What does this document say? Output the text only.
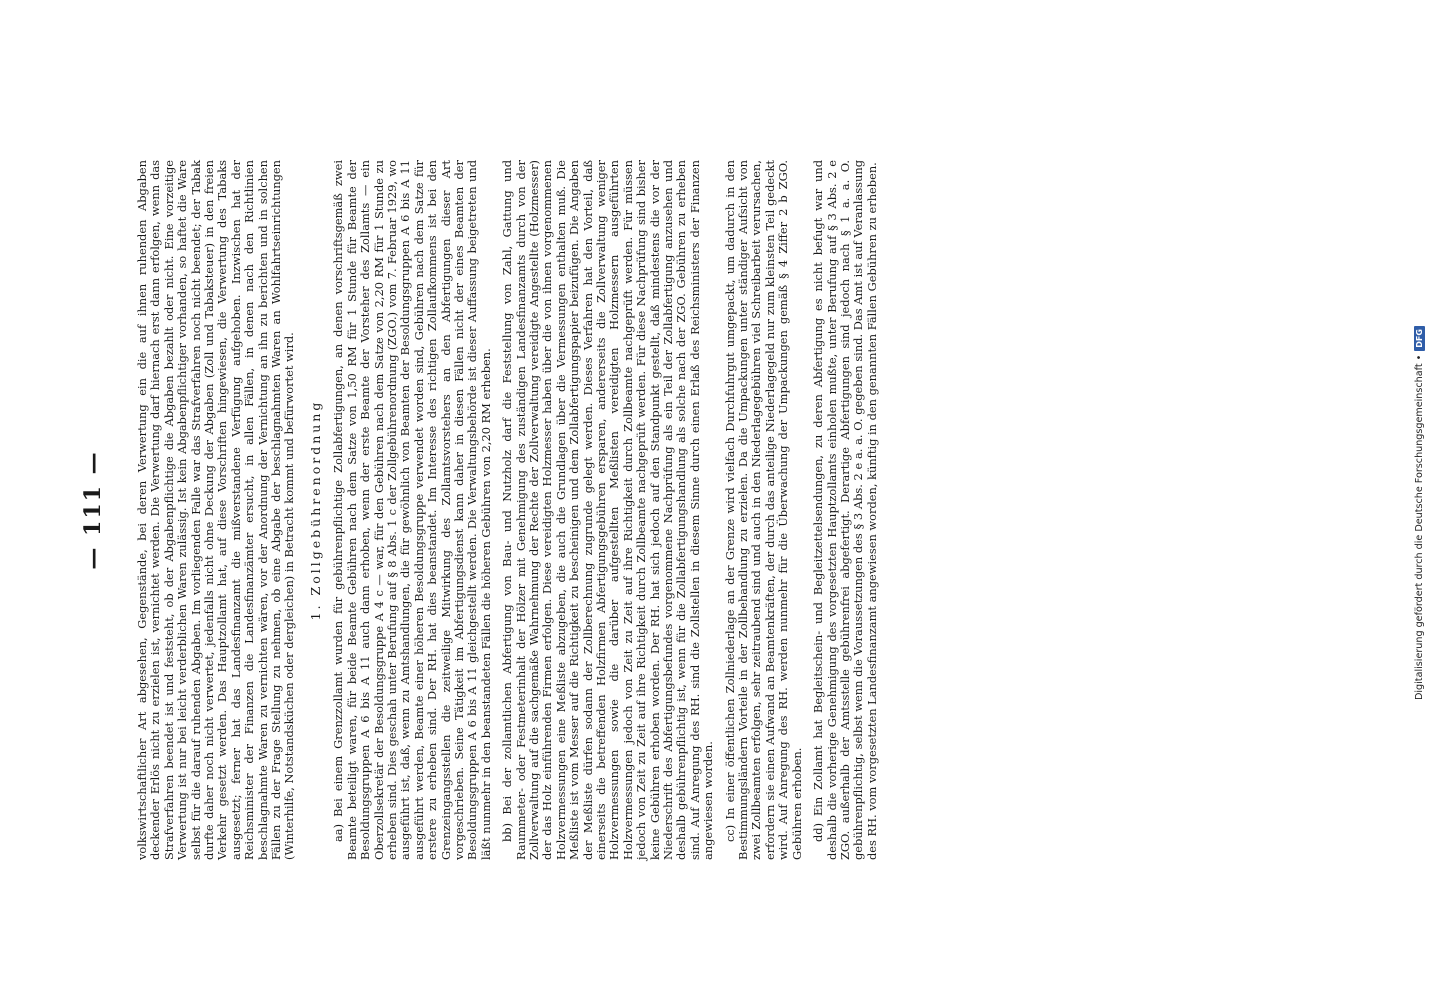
— 111 —	volkswirtschaftlicher Art abgesehen, Gegenstände, bei deren Verwertung ein die auf ihnen ruhenden Abgaben deckender Erlös nicht zu erzielen ist, vernichtet werden. Die Verwertung darf hiernach erst dann erfolgen, wenn das Strafverfahren beendet ist und feststeht, ob der Abgabenpflichtige die Abgaben bezahlt oder nicht. Eine vorzeitige Verwertung ist nur bei leicht verderblichen Waren zulässig. Ist kein Abgabenpflichtiger vorhanden, so haftet die Ware selbst für die darauf ruhenden Abgaben. Im vorliegenden Falle war das Strafverfahren noch nicht beendet; der Tabak durfte daher noch nicht verwertet, jedenfalls nicht ohne Deckung der Abgaben (Zoll und Tabaksteuer) in den freien Verkehr gesetzt werden. Das Hauptzollamt hat, auf diese Vorschriften hingewiesen, die Verwertung des Tabaks ausgesetzt; ferner hat das Landesfinanzamt die mißverstandene Verfügung aufgehoben. Inzwischen hat der Reichsminister der Finanzen die Landesfinanzämter ersucht, in allen Fällen, in denen nach den Richtlinien beschlagnahmte Waren zu vernichten wären, vor der Anordnung der Vernichtung an ihn zu berichten und in solchen Fällen zu der Frage Stellung zu nehmen, ob eine Abgabe der beschlagnahmten Waren an Wohlfahrtseinrichtungen (Winterhilfe, Notstandsküchen oder dergleichen) in Betracht kommt und befürwortet wird. 1. Zollgebührenordnung aa) Bei einem Grenzzollamt wurden für gebührenpflichtige Zollabfertigungen, an denen vorschriftsgemäß zwei Beamte beteiligt waren, für beide Beamte Gebühren nach dem Satze von 1,50 RM für 1 Stunde für Beamte der Besoldungsgruppen A 6 bis A 11 auch dann erhoben, wenn der erste Beamte der Vorsteher des Zollamts — ein Oberzollsekretär der Besoldungsgruppe A 4 c — war, für den Gebühren nach dem Satze von 2,20 RM für 1 Stunde zu erheben sind. Dies geschah unter Berufung auf § 8 Abs. 1 c der Zollgebührenordnung (ZGO.) vom 7. Februar 1929, wo ausgeführt ist, daß, wenn zu Amtshandlungen, die für gewöhnlich von Beamten der Besoldungsgruppen A 6 bis A 11 ausgeführt werden, Beamte einer höheren Besoldungsgruppe verwendet worden sind, Gebühren nach dem Satze für erstere zu erheben sind. Der RH. hat dies beanstandet. Im Interesse des richtigen Zollaufkommens ist bei den Grenzeingangsstellen die zeitweilige Mitwirkung des Zollamtsvorstehers an den Abfertigungen dieser Art vorgeschrieben. Seine Tätigkeit im Abfertigungsdienst kann daher in diesen Fällen nicht der eines Beamten der Besoldungsgruppen A 6 bis A 11 gleichgestellt werden. Die Verwaltungsbehörde ist dieser Auffassung beigetreten und läßt nunmehr in den beanstandeten Fällen die höheren Gebühren von 2,20 RM erheben. bb) Bei der zollamtlichen Abfertigung von Bau- und Nutzholz darf die Feststellung von Zahl, Gattung und Raummeter- oder Festmeterinhalt der Hölzer mit Genehmigung des zuständigen Landesfinanzamts durch von der Zollverwaltung auf die sachgemäße Wahrnehmung der Rechte der Zollverwaltung vereidigte Angestellte (Holzmesser) der das Holz einführenden Firmen erfolgen. Diese vereidigten Holzmesser haben über die von ihnen vorgenommenen Holzvermessungen eine Meßliste abzugeben, die auch die Grundlagen über die Vermessungen enthalten muß. Die Meßliste ist vom Messer auf die Richtigkeit zu bescheinigen und dem Zollabfertigungspapier beizufügen. Die Angaben der Meßliste dürfen sodann der Zollberechnung zugrunde gelegt werden. Dieses Verfahren hat den Vorteil, daß einerseits die betreffenden Holzfirmen Abfertigungsgebühren ersparen, andererseits die Zollverwaltung weniger Holzvermessungen sowie die darüber aufgestellten Meßlisten vereidigten Holzmessern ausgeführten Holzvermessungen jedoch von Zeit zu Zeit auf ihre Richtigkeit durch Zollbeamte nachgeprüft werden. Für müssen jedoch von Zeit zu Zeit auf ihre Richtigkeit durch Zollbeamte nachgeprüft werden. Für diese Nachprüfung sind bisher keine Gebühren erhoben worden. Der RH. hat sich jedoch auf den Standpunkt gestellt, daß mindestens die vor der Niederschrift des Abfertigungsbefundes vorgenommene Nachprüfung als ein Teil der Zollabfertigung anzusehen und deshalb gebührenpflichtig ist, wenn für die Zollabfertigungshandlung als solche nach der ZGO. Gebühren zu erheben sind. Auf Anregung des RH. sind die Zollstellen in diesem Sinne durch einen Erlaß des Reichsministers der Finanzen angewiesen worden. cc) In einer öffentlichen Zollniederlage an der Grenze wird vielfach Durchfuhrgut umgepackt, um dadurch in den Bestimmungsländern Vorteile in der Zollbehandlung zu erzielen. Da die Umpackungen unter ständiger Aufsicht von zwei Zollbeamten erfolgen, sehr zeitraubend sind und auch in den Niederlagegebühren viel Schreibarbeit verursachen, erfordern sie einen Aufwand an Beamtenkräften, der durch das anteilige Niederlagegeld nur zum kleinsten Teil gedeckt wird. Auf Anregung des RH. werden nunmehr für die Überwachung der Umpackungen gemäß § 4 Ziffer 2 b ZGO. Gebühren erhoben. dd) Ein Zollamt hat Begleitschein- und Begleitzettelsendungen, zu deren Abfertigung es nicht befugt war und deshalb die vorherige Genehmigung des vorgesetzten Hauptzollamts einholen mußte, unter Berufung auf § 3 Abs. 2 e ZGO. außerhalb der Amtsstelle gebührenfrei abgefertigt. Derartige Abfertigungen sind jedoch nach § 1 a. a. O. gebührenpflichtig, selbst wenn die Voraussetzungen des § 3 Abs. 2 e a. a. O. gegeben sind. Das Amt ist auf Veranlassung des RH. vom vorgesetzten Landesfinanzamt angewiesen worden, künftig in den genannten Fällen Gebühren zu erheben.	Digitalisierung gefördert durch die Deutsche Forschungsgemeinschaft •
DFG
